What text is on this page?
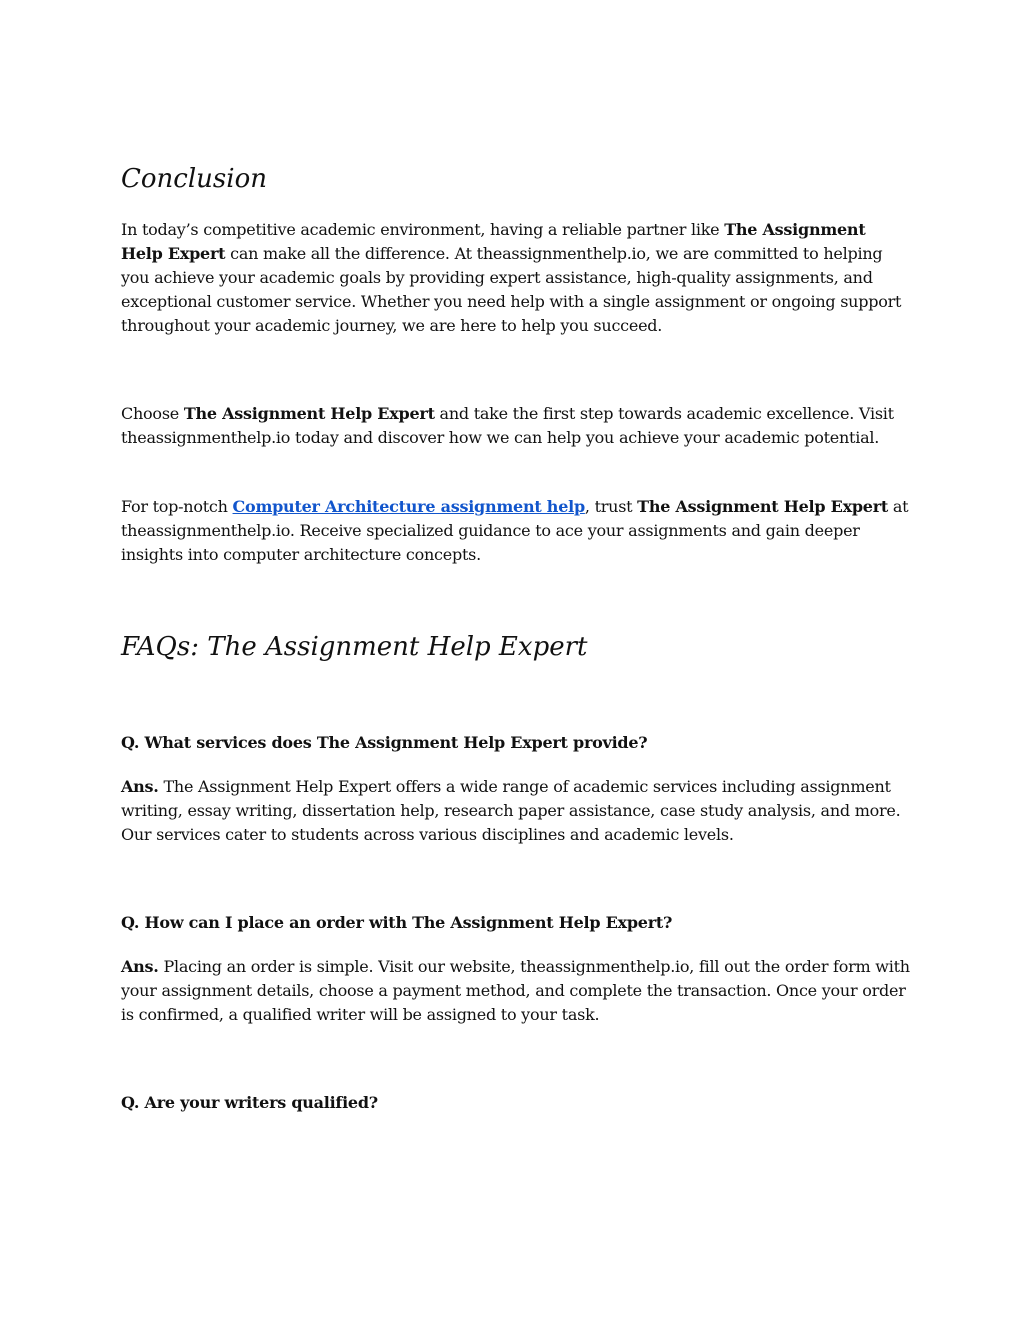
Conclusion

In today’s competitive academic environment, having a reliable partner like The Assignment Help Expert can make all the difference. At theassignmenthelp.io, we are committed to helping you achieve your academic goals by providing expert assistance, high-quality assignments, and exceptional customer service. Whether you need help with a single assignment or ongoing support throughout your academic journey, we are here to help you succeed.

Choose The Assignment Help Expert and take the first step towards academic excellence. Visit theassignmenthelp.io today and discover how we can help you achieve your academic potential.

For top-notch Computer Architecture assignment help, trust The Assignment Help Expert at theassignmenthelp.io. Receive specialized guidance to ace your assignments and gain deeper insights into computer architecture concepts.

FAQs: The Assignment Help Expert
Q. What services does The Assignment Help Expert provide?

Ans. The Assignment Help Expert offers a wide range of academic services including assignment writing, essay writing, dissertation help, research paper assistance, case study analysis, and more. Our services cater to students across various disciplines and academic levels.

Q. How can I place an order with The Assignment Help Expert?

Ans. Placing an order is simple. Visit our website, theassignmenthelp.io, fill out the order form with your assignment details, choose a payment method, and complete the transaction. Once your order is confirmed, a qualified writer will be assigned to your task.

Q. Are your writers qualified?
